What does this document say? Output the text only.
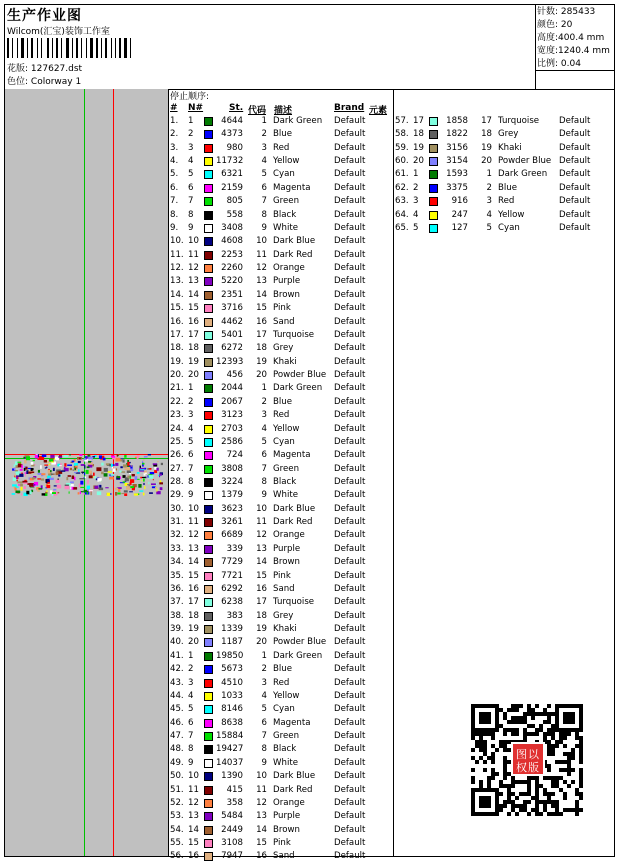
生产作业图
Wilcom(汇宝)装饰工作室
花版: 127627.dst
色位: Colorway 1
针数: 285433
颜色: 20
高度:400.4 mm
宽度:1240.4 mm
比例: 0.04
停止顺序:
# N#	St. 代码 描述	Brand 元素
1. 1	4644	1 Dark Green Default
2. 2	4373	2 Blue	Default
3. 3	980	3 Red	Default
4. 4	11732	4 Yellow	Default
5. 5	6321	5 Cyan	Default
6. 6	2159	6 Magenta	Default
7. 7	805	7 Green	Default
8. 8	558	8 Black	Default
9. 9	3408	9 White	Default
10. 10	4608	10 Dark Blue Default
11. 11	2253	11 Dark Red	Default
12. 12	2260	12 Orange	Default
13. 13	5220	13 Purple	Default
14. 14	2351	14 Brown	Default
15. 15	3716	15 Pink	Default
16. 16	4462	16 Sand	Default
17. 17	5401	17 Turquoise Default
18. 18	6272	18 Grey	Default
19. 19 12393	19 Khaki	Default
20. 20	456	20 Powder Blue Default
21. 1	2044	1 Dark Green Default
22. 2	2067	2 Blue	Default
23. 3	3123	3 Red	Default
24. 4	2703	4 Yellow	Default
25. 5	2586	5 Cyan	Default
26. 6	724	6 Magenta	Default
27. 7	3808	7 Green	Default
28. 8	3224	8 Black	Default
29. 9	1379	9 White	Default
30. 10	3623	10 Dark Blue Default
31. 11	3261	11 Dark Red	Default
32. 12	6689	12 Orange	Default
33. 13	339	13 Purple	Default
34. 14	7729	14 Brown	Default
35. 15	7721	15 Pink	Default
36. 16	6292	16 Sand	Default
37. 17	6238	17 Turquoise Default
38. 18	383	18 Grey	Default
39. 19	1339	19 Khaki	Default
40. 20	1187	20 Powder Blue Default
41. 1	19850	1 Dark Green Default
42. 2	5673	2 Blue	Default
43. 3	4510	3 Red	Default
44. 4	1033	4 Yellow	Default
45. 5	8146	5 Cyan	Default
46. 6	8638	6 Magenta	Default
47. 7	15884	7 Green	Default
48. 8	19427	8 Black	Default
49. 9	14037	9 White	Default
50. 10	1390	10 Dark Blue Default
51. 11	415	11 Dark Red	Default
52. 12	358	12 Orange	Default
53. 13	5484	13 Purple	Default
54. 14	2449	14 Brown	Default
55. 15	3108	15 Pink	Default
56. 16	7947	16 Sand	Default
57. 17	1858	17 Turquoise Default
58. 18	1822	18 Grey	Default
59. 19	3156	19 Khaki	Default
60. 20	3154	20 Powder Blue Default
61. 1	1593	1 Dark Green Default
62. 2	3375	2 Blue	Default
63. 3	916	3 Red	Default
64. 4	247	4 Yellow	Default
65. 5	127	5 Cyan	Default
以
图
版
权
